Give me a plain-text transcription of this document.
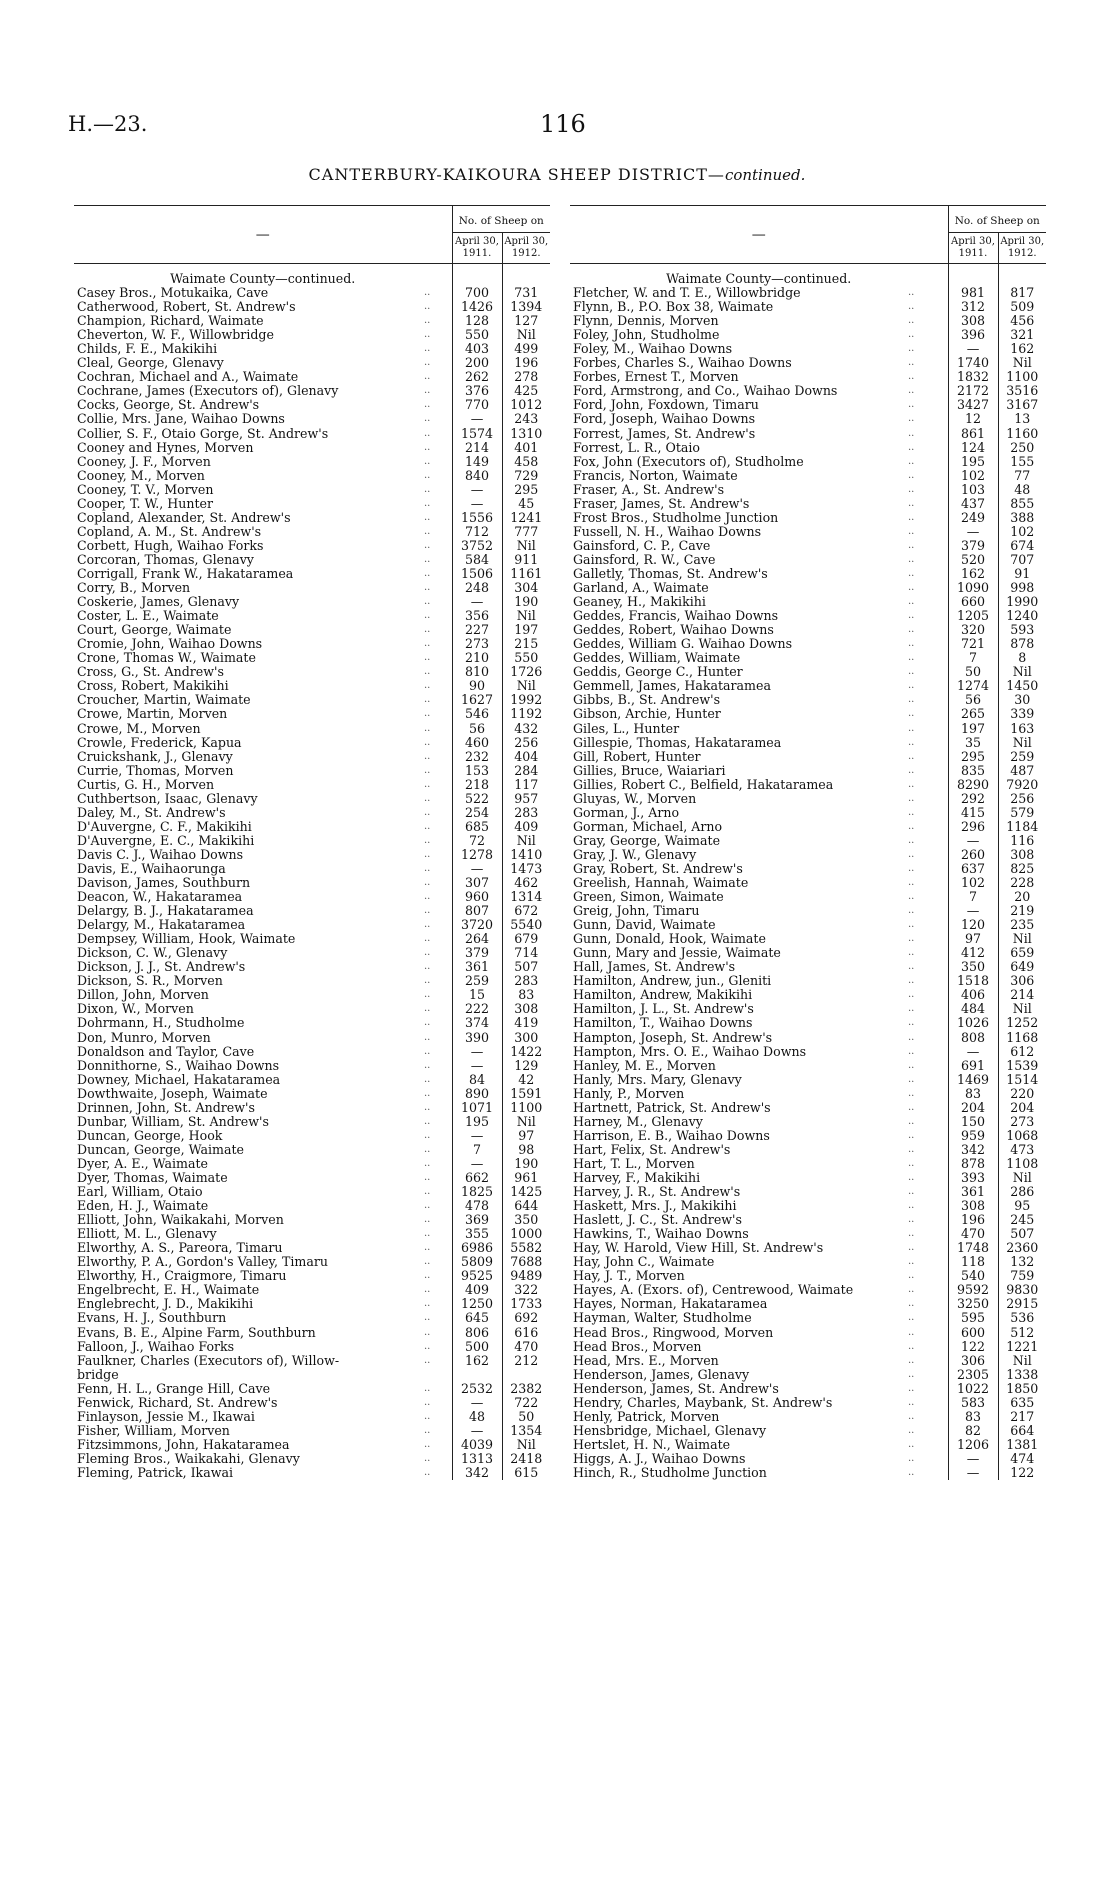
H.—23.	116
CANTERBURY-KAIKOURA SHEEP DISTRICT—continued.
—		No. of Sheep on	
		April 30,
1911.	April 30,
1912.
Waimate County—continued.			
Casey Bros., Motukaika, Cave	..	700	731
Catherwood, Robert, St. Andrew's	..	1426	1394
Champion, Richard, Waimate	..	128	127
Cheverton, W. F., Willowbridge	..	550	Nil
Childs, F. E., Makikihi	..	403	499
Cleal, George, Glenavy	..	200	196
Cochran, Michael and A., Waimate	..	262	278
Cochrane, James (Executors of), Glenavy	..	376	425
Cocks, George, St. Andrew's	..	770	1012
Collie, Mrs. Jane, Waihao Downs	..	—	243
Collier, S. F., Otaio Gorge, St. Andrew's	..	1574	1310
Cooney and Hynes, Morven	..	214	401
Cooney, J. F., Morven	..	149	458
Cooney, M., Morven	..	840	729
Cooney, T. V., Morven	..	—	295
Cooper, T. W., Hunter	..	—	45
Copland, Alexander, St. Andrew's	..	1556	1241
Copland, A. M., St. Andrew's	..	712	777
Corbett, Hugh, Waihao Forks	..	3752	Nil
Corcoran, Thomas, Glenavy	..	584	911
Corrigall, Frank W., Hakataramea	..	1506	1161
Corry, B., Morven	..	248	304
Coskerie, James, Glenavy	..	—	190
Coster, L. E., Waimate	..	356	Nil
Court, George, Waimate	..	227	197
Cromie, John, Waihao Downs	..	273	215
Crone, Thomas W., Waimate	..	210	550
Cross, G., St. Andrew's	..	810	1726
Cross, Robert, Makikihi	..	90	Nil
Croucher, Martin, Waimate	..	1627	1992
Crowe, Martin, Morven	..	546	1192
Crowe, M., Morven	..	56	432
Crowle, Frederick, Kapua	..	460	256
Cruickshank, J., Glenavy	..	232	404
Currie, Thomas, Morven	..	153	284
Curtis, G. H., Morven	..	218	117
Cuthbertson, Isaac, Glenavy	..	522	957
Daley, M., St. Andrew's	..	254	283
D'Auvergne, C. F., Makikihi	..	685	409
D'Auvergne, E. C., Makikihi	..	72	Nil
Davis C. J., Waihao Downs	..	1278	1410
Davis, E., Waihaorunga	..	—	1473
Davison, James, Southburn	..	307	462
Deacon, W., Hakataramea	..	960	1314
Delargy, B. J., Hakataramea	..	807	672
Delargy, M., Hakataramea	..	3720	5540
Dempsey, William, Hook, Waimate	..	264	679
Dickson, C. W., Glenavy	..	379	714
Dickson, J. J., St. Andrew's	..	361	507
Dickson, S. R., Morven	..	259	283
Dillon, John, Morven	..	15	83
Dixon, W., Morven	..	222	308
Dohrmann, H., Studholme	..	374	419
Don, Munro, Morven	..	390	300
Donaldson and Taylor, Cave	..	—	1422
Donnithorne, S., Waihao Downs	..	—	129
Downey, Michael, Hakataramea	..	84	42
Dowthwaite, Joseph, Waimate	..	890	1591
Drinnen, John, St. Andrew's	..	1071	1100
Dunbar, William, St. Andrew's	..	195	Nil
Duncan, George, Hook	..	—	97
Duncan, George, Waimate	..	7	98
Dyer, A. E., Waimate	..	—	190
Dyer, Thomas, Waimate	..	662	961
Earl, William, Otaio	..	1825	1425
Eden, H. J., Waimate	..	478	644
Elliott, John, Waikakahi, Morven	..	369	350
Elliott, M. L., Glenavy	..	355	1000
Elworthy, A. S., Pareora, Timaru	..	6986	5582
Elworthy, P. A., Gordon's Valley, Timaru	..	5809	7688
Elworthy, H., Craigmore, Timaru	..	9525	9489
Engelbrecht, E. H., Waimate	..	409	322
Englebrecht, J. D., Makikihi	..	1250	1733
Evans, H. J., Southburn	..	645	692
Evans, B. E., Alpine Farm, Southburn	..	806	616
Falloon, J., Waihao Forks	..	500	470
Faulkner, Charles (Executors of), Willow-	..	162	212
bridge			
Fenn, H. L., Grange Hill, Cave	..	2532	2382
Fenwick, Richard, St. Andrew's	..	—	722
Finlayson, Jessie M., Ikawai	..	48	50
Fisher, William, Morven	..	—	1354
Fitzsimmons, John, Hakataramea	..	4039	Nil
Fleming Bros., Waikakahi, Glenavy	..	1313	2418
Fleming, Patrick, Ikawai	..	342	615
—		No. of Sheep on	
		April 30,
1911.	April 30,
1912.
Waimate County—continued.			
Fletcher, W. and T. E., Willowbridge	..	981	817
Flynn, B., P.O. Box 38, Waimate	..	312	509
Flynn, Dennis, Morven	..	308	456
Foley, John, Studholme	..	396	321
Foley, M., Waihao Downs	..	—	162
Forbes, Charles S., Waihao Downs	..	1740	Nil
Forbes, Ernest T., Morven	..	1832	1100
Ford, Armstrong, and Co., Waihao Downs	..	2172	3516
Ford, John, Foxdown, Timaru	..	3427	3167
Ford, Joseph, Waihao Downs	..	12	13
Forrest, James, St. Andrew's	..	861	1160
Forrest, L. R., Otaio	..	124	250
Fox, John (Executors of), Studholme	..	195	155
Francis, Norton, Waimate	..	102	77
Fraser, A., St. Andrew's	..	103	48
Fraser, James, St. Andrew's	..	437	855
Frost Bros., Studholme Junction	..	249	388
Fussell, N. H., Waihao Downs	..	—	102
Gainsford, C. P., Cave	..	379	674
Gainsford, R. W., Cave	..	520	707
Galletly, Thomas, St. Andrew's	..	162	91
Garland, A., Waimate	..	1090	998
Geaney, H., Makikihi	..	660	1990
Geddes, Francis, Waihao Downs	..	1205	1240
Geddes, Robert, Waihao Downs	..	320	593
Geddes, William G. Waihao Downs	..	721	878
Geddes, William, Waimate	..	7	8
Geddis, George C., Hunter	..	50	Nil
Gemmell, James, Hakataramea	..	1274	1450
Gibbs, B., St. Andrew's	..	56	30
Gibson, Archie, Hunter	..	265	339
Giles, L., Hunter	..	197	163
Gillespie, Thomas, Hakataramea	..	35	Nil
Gill, Robert, Hunter	..	295	259
Gillies, Bruce, Waiariari	..	835	487
Gillies, Robert C., Belfield, Hakataramea	..	8290	7920
Gluyas, W., Morven	..	292	256
Gorman, J., Arno	..	415	579
Gorman, Michael, Arno	..	296	1184
Gray, George, Waimate	..	—	116
Gray, J. W., Glenavy	..	260	308
Gray, Robert, St. Andrew's	..	637	825
Greelish, Hannah, Waimate	..	102	228
Green, Simon, Waimate	..	7	20
Greig, John, Timaru	..	—	219
Gunn, David, Waimate	..	120	235
Gunn, Donald, Hook, Waimate	..	97	Nil
Gunn, Mary and Jessie, Waimate	..	412	659
Hall, James, St. Andrew's	..	350	649
Hamilton, Andrew, jun., Gleniti	..	1518	306
Hamilton, Andrew, Makikihi	..	406	214
Hamilton, J. L., St. Andrew's	..	484	Nil
Hamilton, T., Waihao Downs	..	1026	1252
Hampton, Joseph, St. Andrew's	..	808	1168
Hampton, Mrs. O. E., Waihao Downs	..	—	612
Hanley, M. E., Morven	..	691	1539
Hanly, Mrs. Mary, Glenavy	..	1469	1514
Hanly, P., Morven	..	83	220
Hartnett, Patrick, St. Andrew's	..	204	204
Harney, M., Glenavy	..	150	273
Harrison, E. B., Waihao Downs	..	959	1068
Hart, Felix, St. Andrew's	..	342	473
Hart, T. L., Morven	..	878	1108
Harvey, F., Makikihi	..	393	Nil
Harvey, J. R., St. Andrew's	..	361	286
Haskett, Mrs. J., Makikihi	..	308	95
Haslett, J. C., St. Andrew's	..	196	245
Hawkins, T., Waihao Downs	..	470	507
Hay, W. Harold, View Hill, St. Andrew's	..	1748	2360
Hay, John C., Waimate	..	118	132
Hay, J. T., Morven	..	540	759
Hayes, A. (Exors. of), Centrewood, Waimate	..	9592	9830
Hayes, Norman, Hakataramea	..	3250	2915
Hayman, Walter, Studholme	..	595	536
Head Bros., Ringwood, Morven	..	600	512
Head Bros., Morven	..	122	1221
Head, Mrs. E., Morven	..	306	Nil
Henderson, James, Glenavy	..	2305	1338
Henderson, James, St. Andrew's	..	1022	1850
Hendry, Charles, Maybank, St. Andrew's	..	583	635
Henly, Patrick, Morven	..	83	217
Hensbridge, Michael, Glenavy	..	82	664
Hertslet, H. N., Waimate	..	1206	1381
Higgs, A. J., Waihao Downs	..	—	474
Hinch, R., Studholme Junction	..	—	122
